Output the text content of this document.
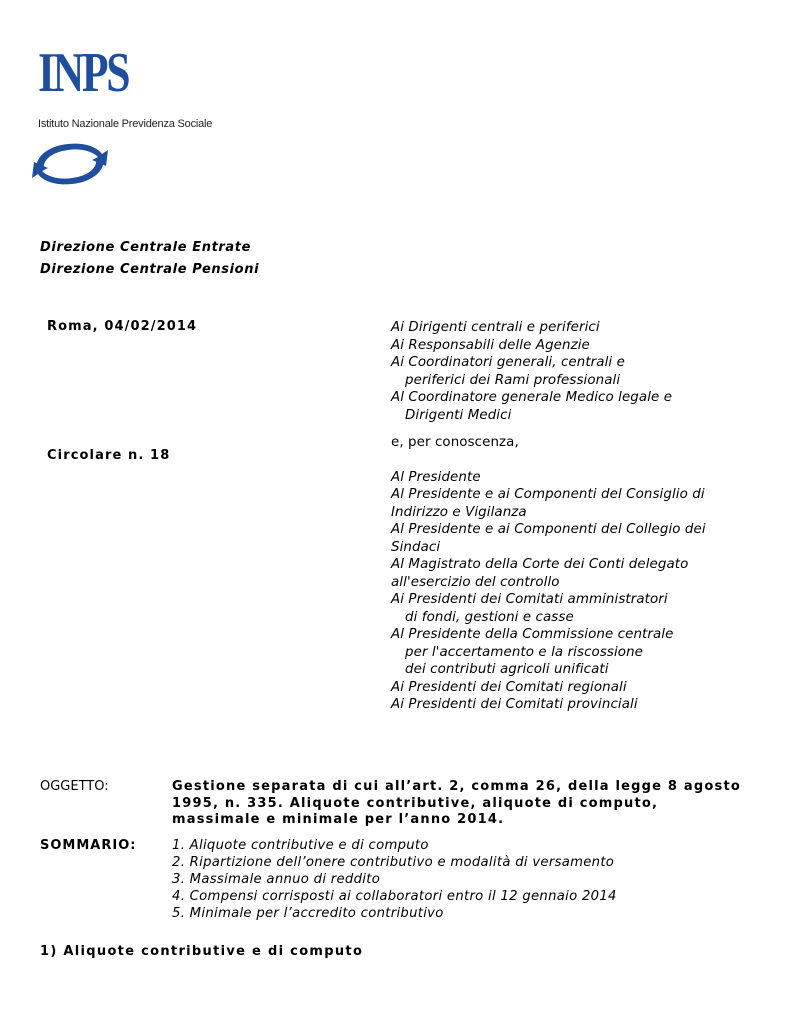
INPS
Istituto Nazionale Previdenza Sociale
Direzione Centrale Entrate
Direzione Centrale Pensioni
Roma, 04/02/2014
Circolare n. 18
Ai Dirigenti centrali e periferici
Ai Responsabili delle Agenzie
Ai Coordinatori generali, centrali e
periferici dei Rami professionali
Al Coordinatore generale Medico legale e
Dirigenti Medici
e, per conoscenza,
Al Presidente
Al Presidente e ai Componenti del Consiglio di
Indirizzo e Vigilanza
Al Presidente e ai Componenti del Collegio dei
Sindaci
Al Magistrato della Corte dei Conti delegato
all'esercizio del controllo
Ai Presidenti dei Comitati amministratori
di fondi, gestioni e casse
Al Presidente della Commissione centrale
per l'accertamento e la riscossione
dei contributi agricoli unificati
Ai Presidenti dei Comitati regionali
Ai Presidenti dei Comitati provinciali
OGGETTO:	Gestione separata di cui all’art. 2, comma 26, della legge 8 agosto 1995, n. 335. Aliquote contributive, aliquote di computo, massimale e minimale per l’anno 2014.
SOMMARIO:	1. Aliquote contributive e di computo
2. Ripartizione dell’onere contributivo e modalità di versamento
3. Massimale annuo di reddito
4. Compensi corrisposti ai collaboratori entro il 12 gennaio 2014
5. Minimale per l’accredito contributivo
1) Aliquote contributive e di computo
